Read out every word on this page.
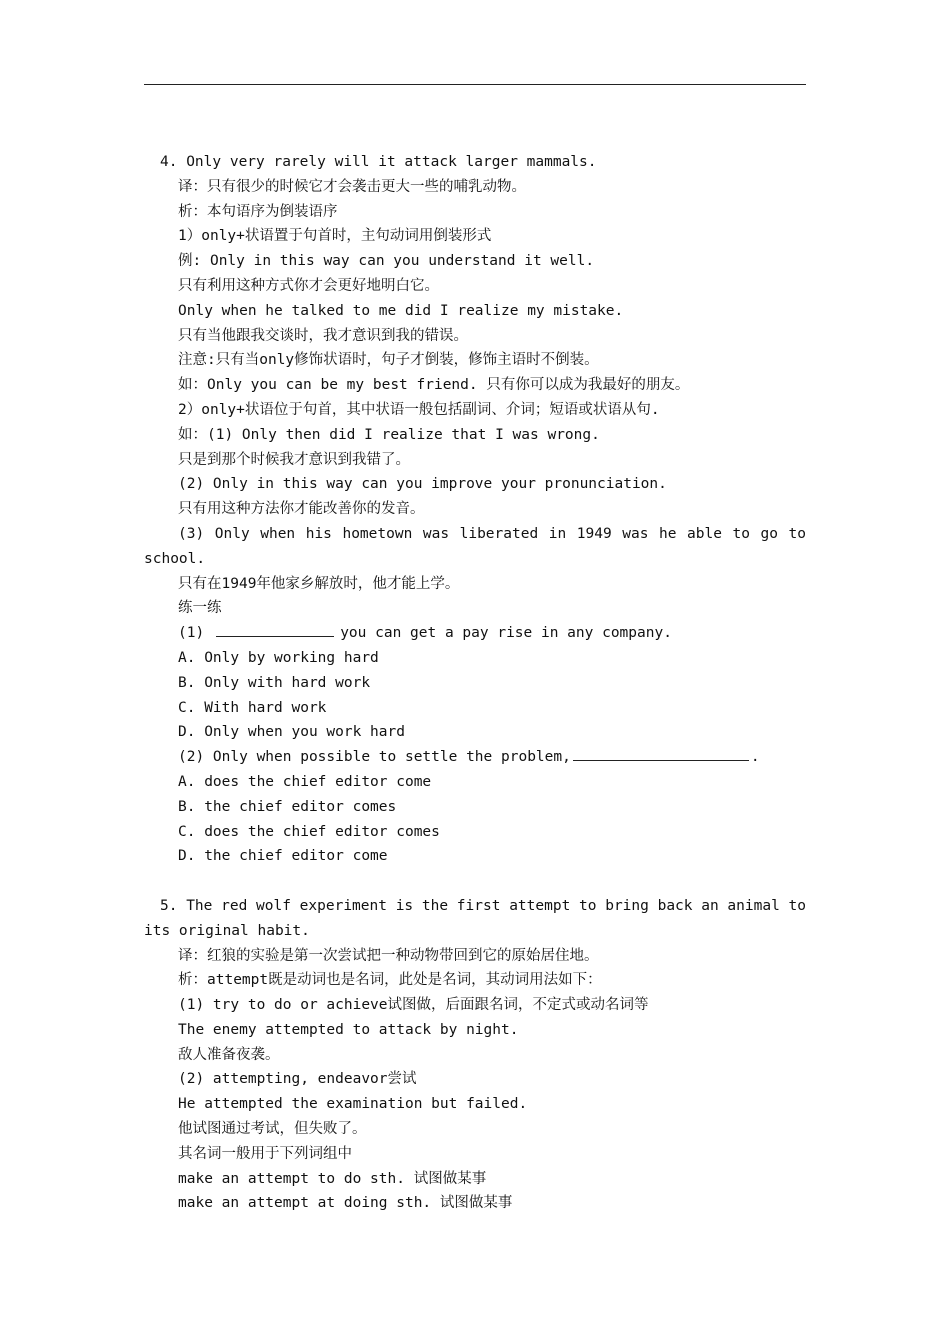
4. Only very rarely will it attack larger mammals.
译：只有很少的时候它才会袭击更大一些的哺乳动物。
析：本句语序为倒装语序
1）only+状语置于句首时，主句动词用倒装形式
例: Only in this way can you understand it well.
只有利用这种方式你才会更好地明白它。
Only when he talked to me did I realize my mistake.
只有当他跟我交谈时，我才意识到我的错误。
注意:只有当only修饰状语时，句子才倒装，修饰主语时不倒装。
如：Only you can be my best friend. 只有你可以成为我最好的朋友。
2）only+状语位于句首，其中状语一般包括副词、介词；短语或状语从句.
如：(1) Only then did I realize that I was wrong.
只是到那个时候我才意识到我错了。
(2) Only in this way can you improve your pronunciation.
只有用这种方法你才能改善你的发音。
(3) Only when his hometown was liberated in 1949 was he able to go to
school.
只有在1949年他家乡解放时，他才能上学。
练一练
(1)	you can get a pay rise in any company.
A. Only by working hard
B. Only with hard work
C. With hard work
D. Only when you work hard
(2) Only when possible to settle the problem,	.
A. does the chief editor come
B. the chief editor comes
C. does the chief editor comes
D. the chief editor come
5. The red wolf experiment is the first attempt to bring back an animal to
its original habit.
译：红狼的实验是第一次尝试把一种动物带回到它的原始居住地。
析：attempt既是动词也是名词，此处是名词，其动词用法如下：
(1) try to do or achieve试图做，后面跟名词，不定式或动名词等
The enemy attempted to attack by night.
敌人准备夜袭。
(2) attempting, endeavor尝试
He attempted the examination but failed.
他试图通过考试，但失败了。
其名词一般用于下列词组中
make an attempt to do sth. 试图做某事
make an attempt at doing sth. 试图做某事
